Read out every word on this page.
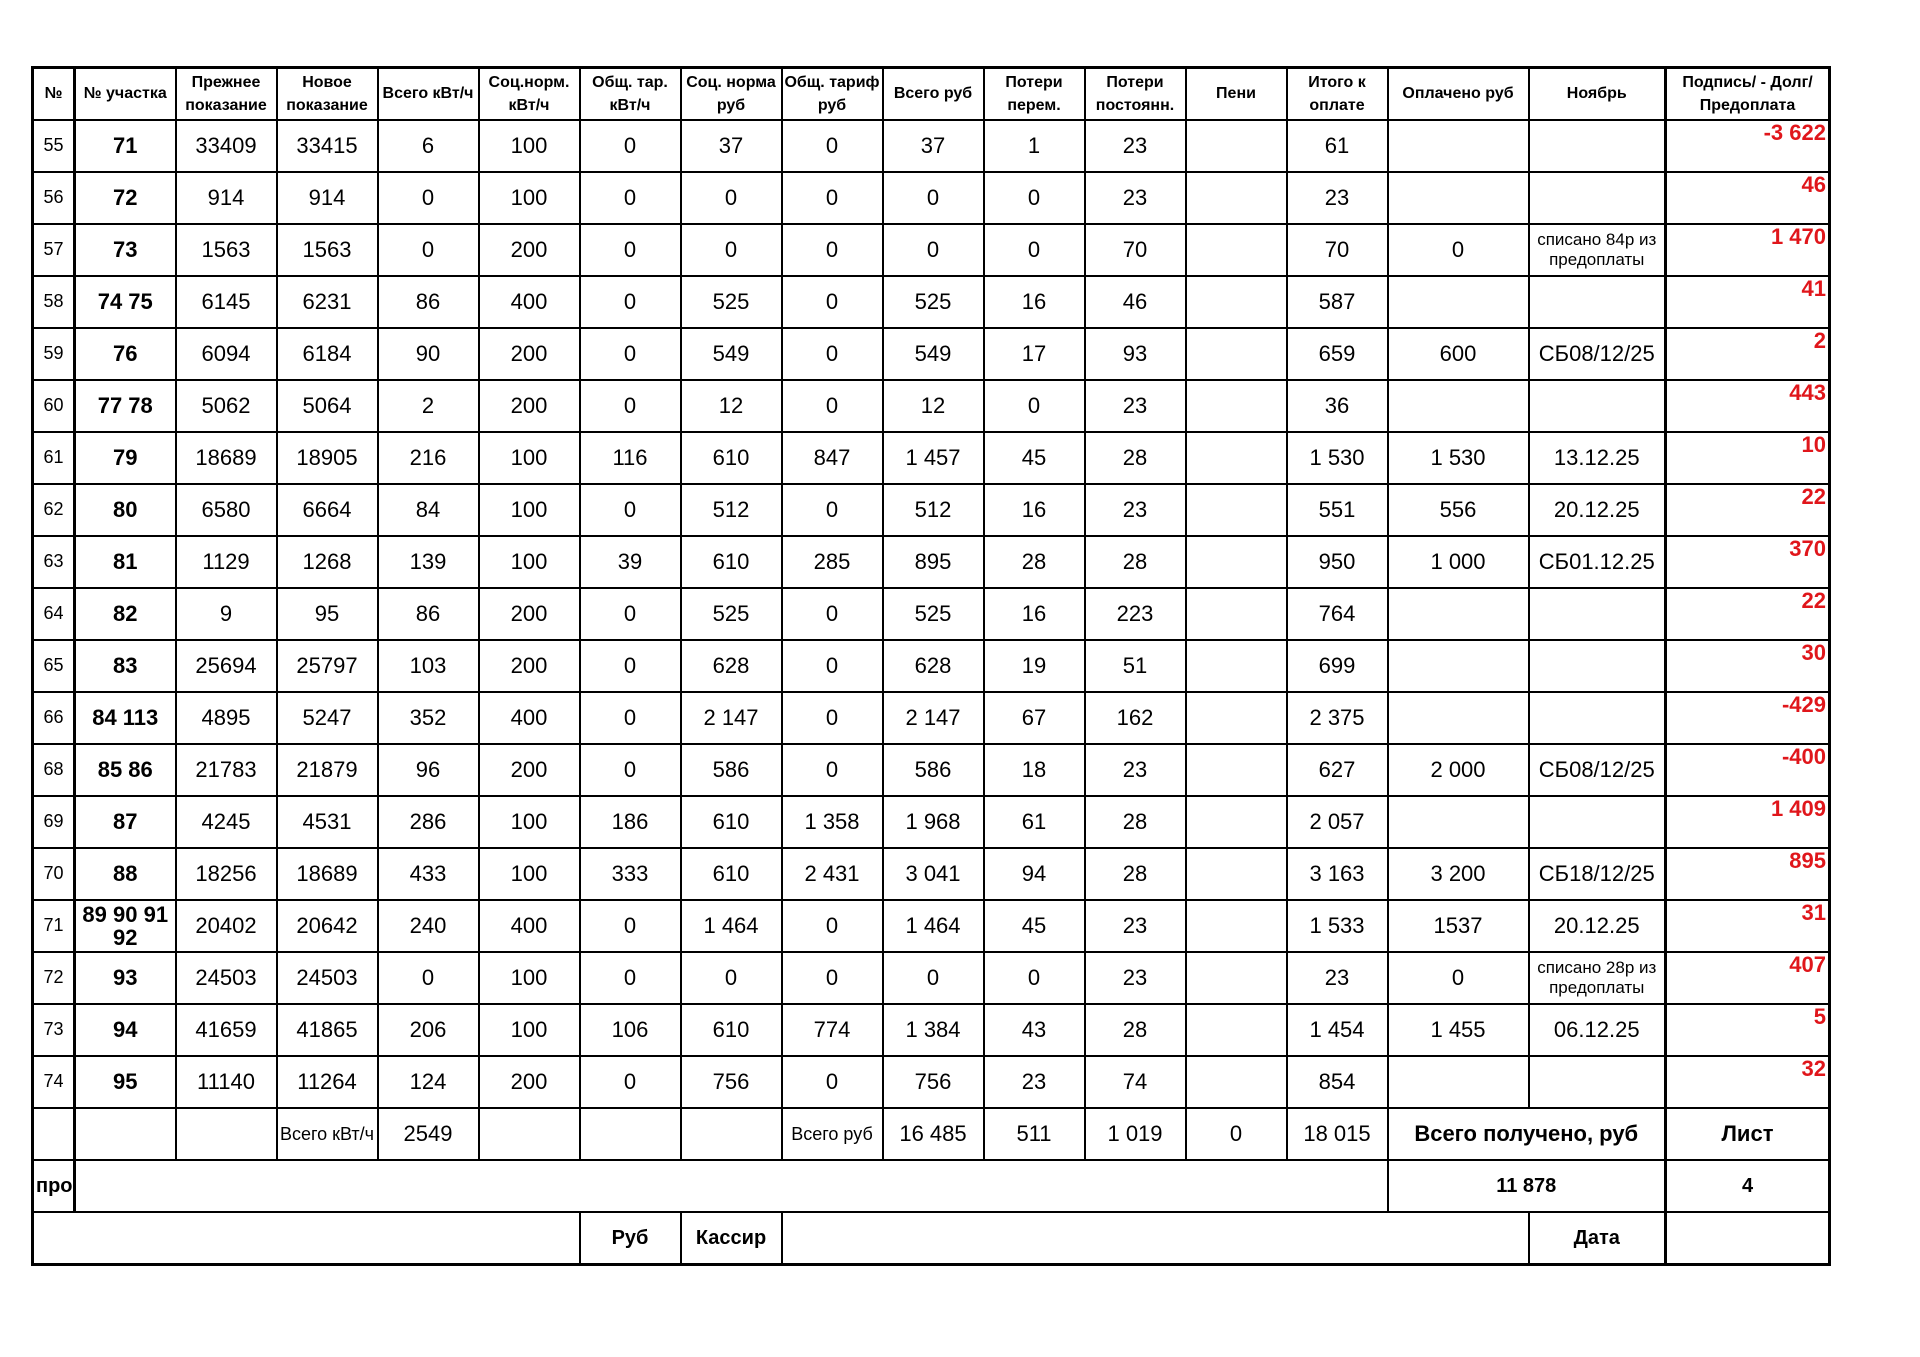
№	№ участка	Прежнее показание	Новое показание	Всего кВт/ч	Соц.норм. кВт/ч	Общ. тар. кВт/ч	Соц. норма руб	Общ. тариф руб	Всего руб	Потери перем.	Потери постоянн.	Пени	Итого к оплате	Оплачено руб	Ноябрь	Подпись/ - Долг/Предоплата
55	71	33409	33415	6	100	0	37	0	37	1	23		61			-3 622
56	72	914	914	0	100	0	0	0	0	0	23		23			46
57	73	1563	1563	0	200	0	0	0	0	0	70		70	0	списано 84р из предоплаты	1 470
58	74 75	6145	6231	86	400	0	525	0	525	16	46		587			41
59	76	6094	6184	90	200	0	549	0	549	17	93		659	600	СБ08/12/25	2
60	77 78	5062	5064	2	200	0	12	0	12	0	23		36			443
61	79	18689	18905	216	100	116	610	847	1 457	45	28		1 530	1 530	13.12.25	10
62	80	6580	6664	84	100	0	512	0	512	16	23		551	556	20.12.25	22
63	81	1129	1268	139	100	39	610	285	895	28	28		950	1 000	СБ01.12.25	370
64	82	9	95	86	200	0	525	0	525	16	223		764			22
65	83	25694	25797	103	200	0	628	0	628	19	51		699			30
66	84 113	4895	5247	352	400	0	2 147	0	2 147	67	162		2 375			-429
68	85 86	21783	21879	96	200	0	586	0	586	18	23		627	2 000	СБ08/12/25	-400
69	87	4245	4531	286	100	186	610	1 358	1 968	61	28		2 057			1 409
70	88	18256	18689	433	100	333	610	2 431	3 041	94	28		3 163	3 200	СБ18/12/25	895
71	89 90 91 92	20402	20642	240	400	0	1 464	0	1 464	45	23		1 533	1537	20.12.25	31
72	93	24503	24503	0	100	0	0	0	0	0	23		23	0	списано 28р из предоплаты	407
73	94	41659	41865	206	100	106	610	774	1 384	43	28		1 454	1 455	06.12.25	5
74	95	11140	11264	124	200	0	756	0	756	23	74		854			32
			Всего кВт/ч	2549				Всего руб	16 485	511	1 019	0	18 015	Всего получено, руб		Лист
про														11 878		4
						Руб	Кассир								Дата	
